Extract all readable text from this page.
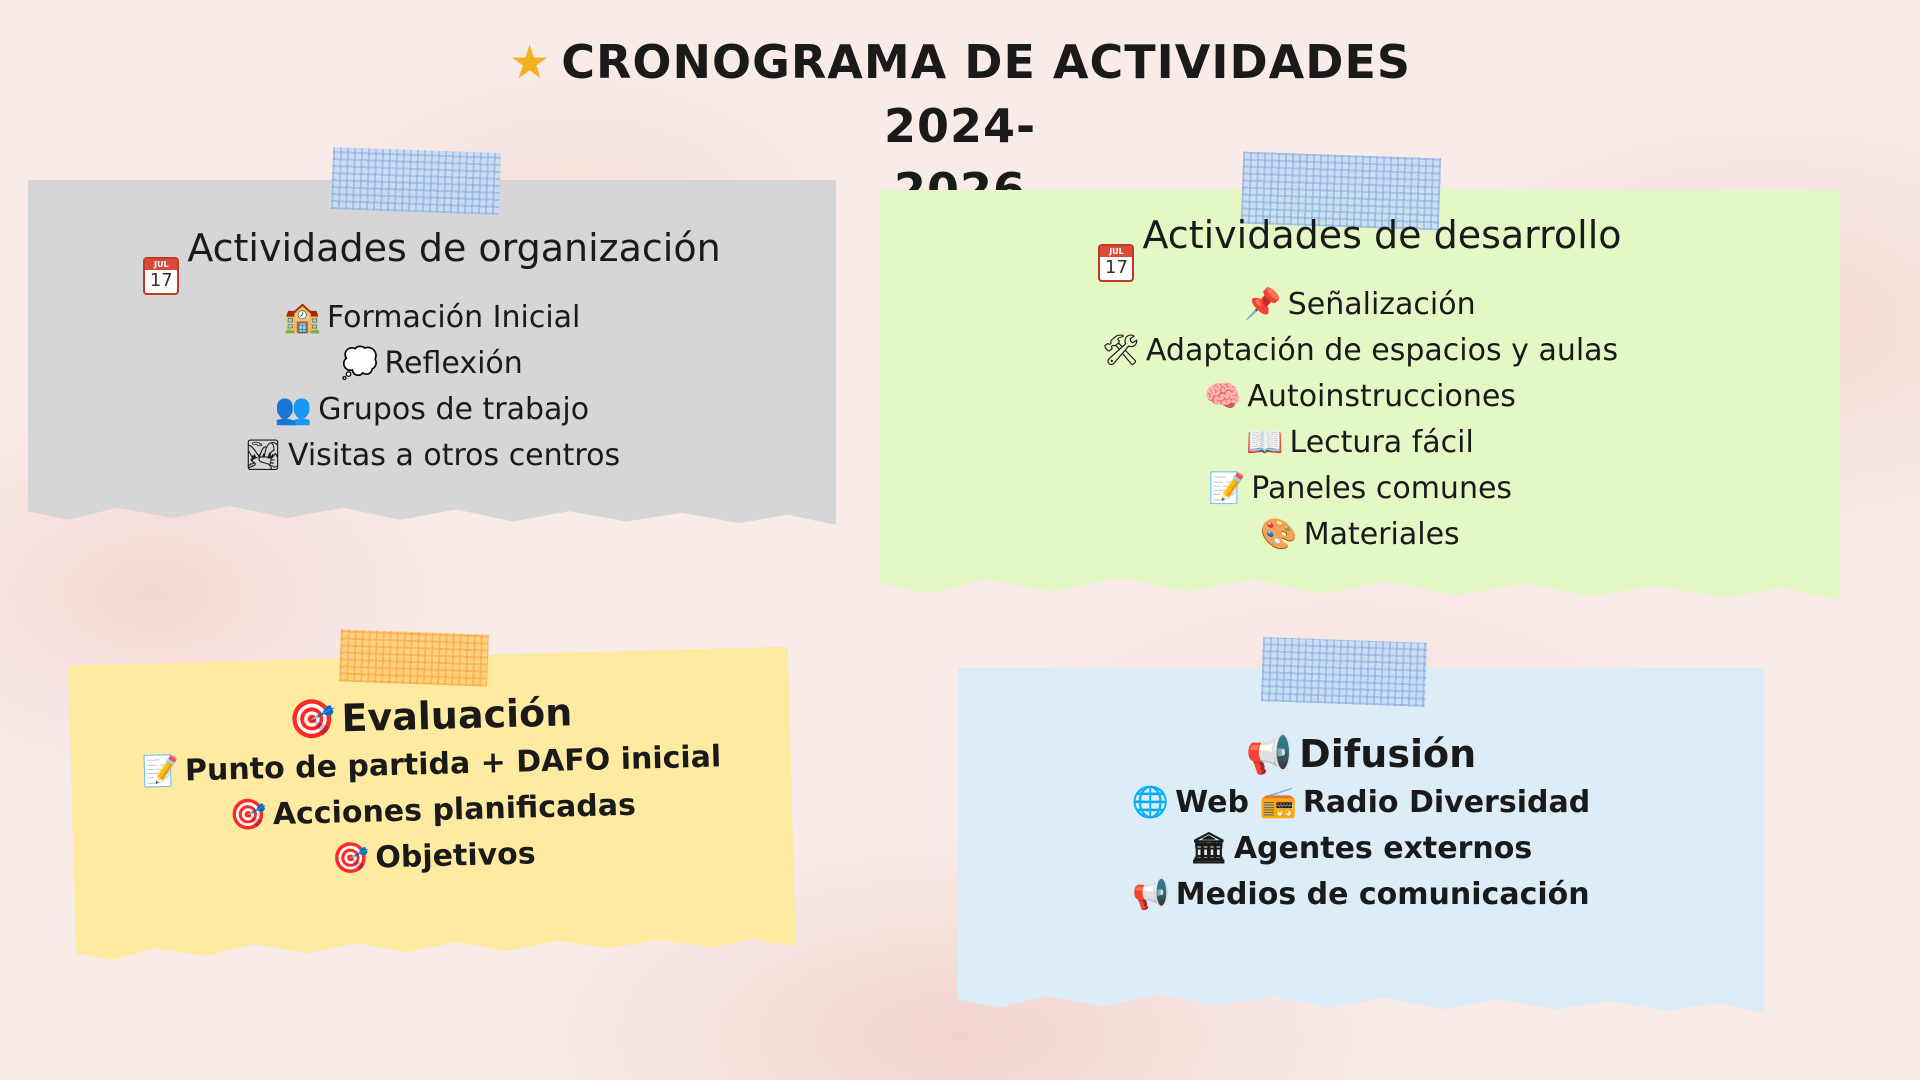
★ CRONOGRAMA DE ACTIVIDADES 2024-
JUL
17
Actividades de organización
🏫 Formación Inicial
💭 Reflexión
👥 Grupos de trabajo
🏞 Visitas a otros centros
JUL
17
Actividades de desarrollo
📌 Señalización
🛠 Adaptación de espacios y aulas
🧠 Autoinstrucciones
📖 Lectura fácil
📝 Paneles comunes
🎨 Materiales
🎯 Evaluación
📝 Punto de partida + DAFO inicial
🎯 Acciones planificadas
🎯 Objetivos
📢 Difusión
🌐 Web 📻 Radio Diversidad
🏛 Agentes externos
📢 Medios de comunicación
